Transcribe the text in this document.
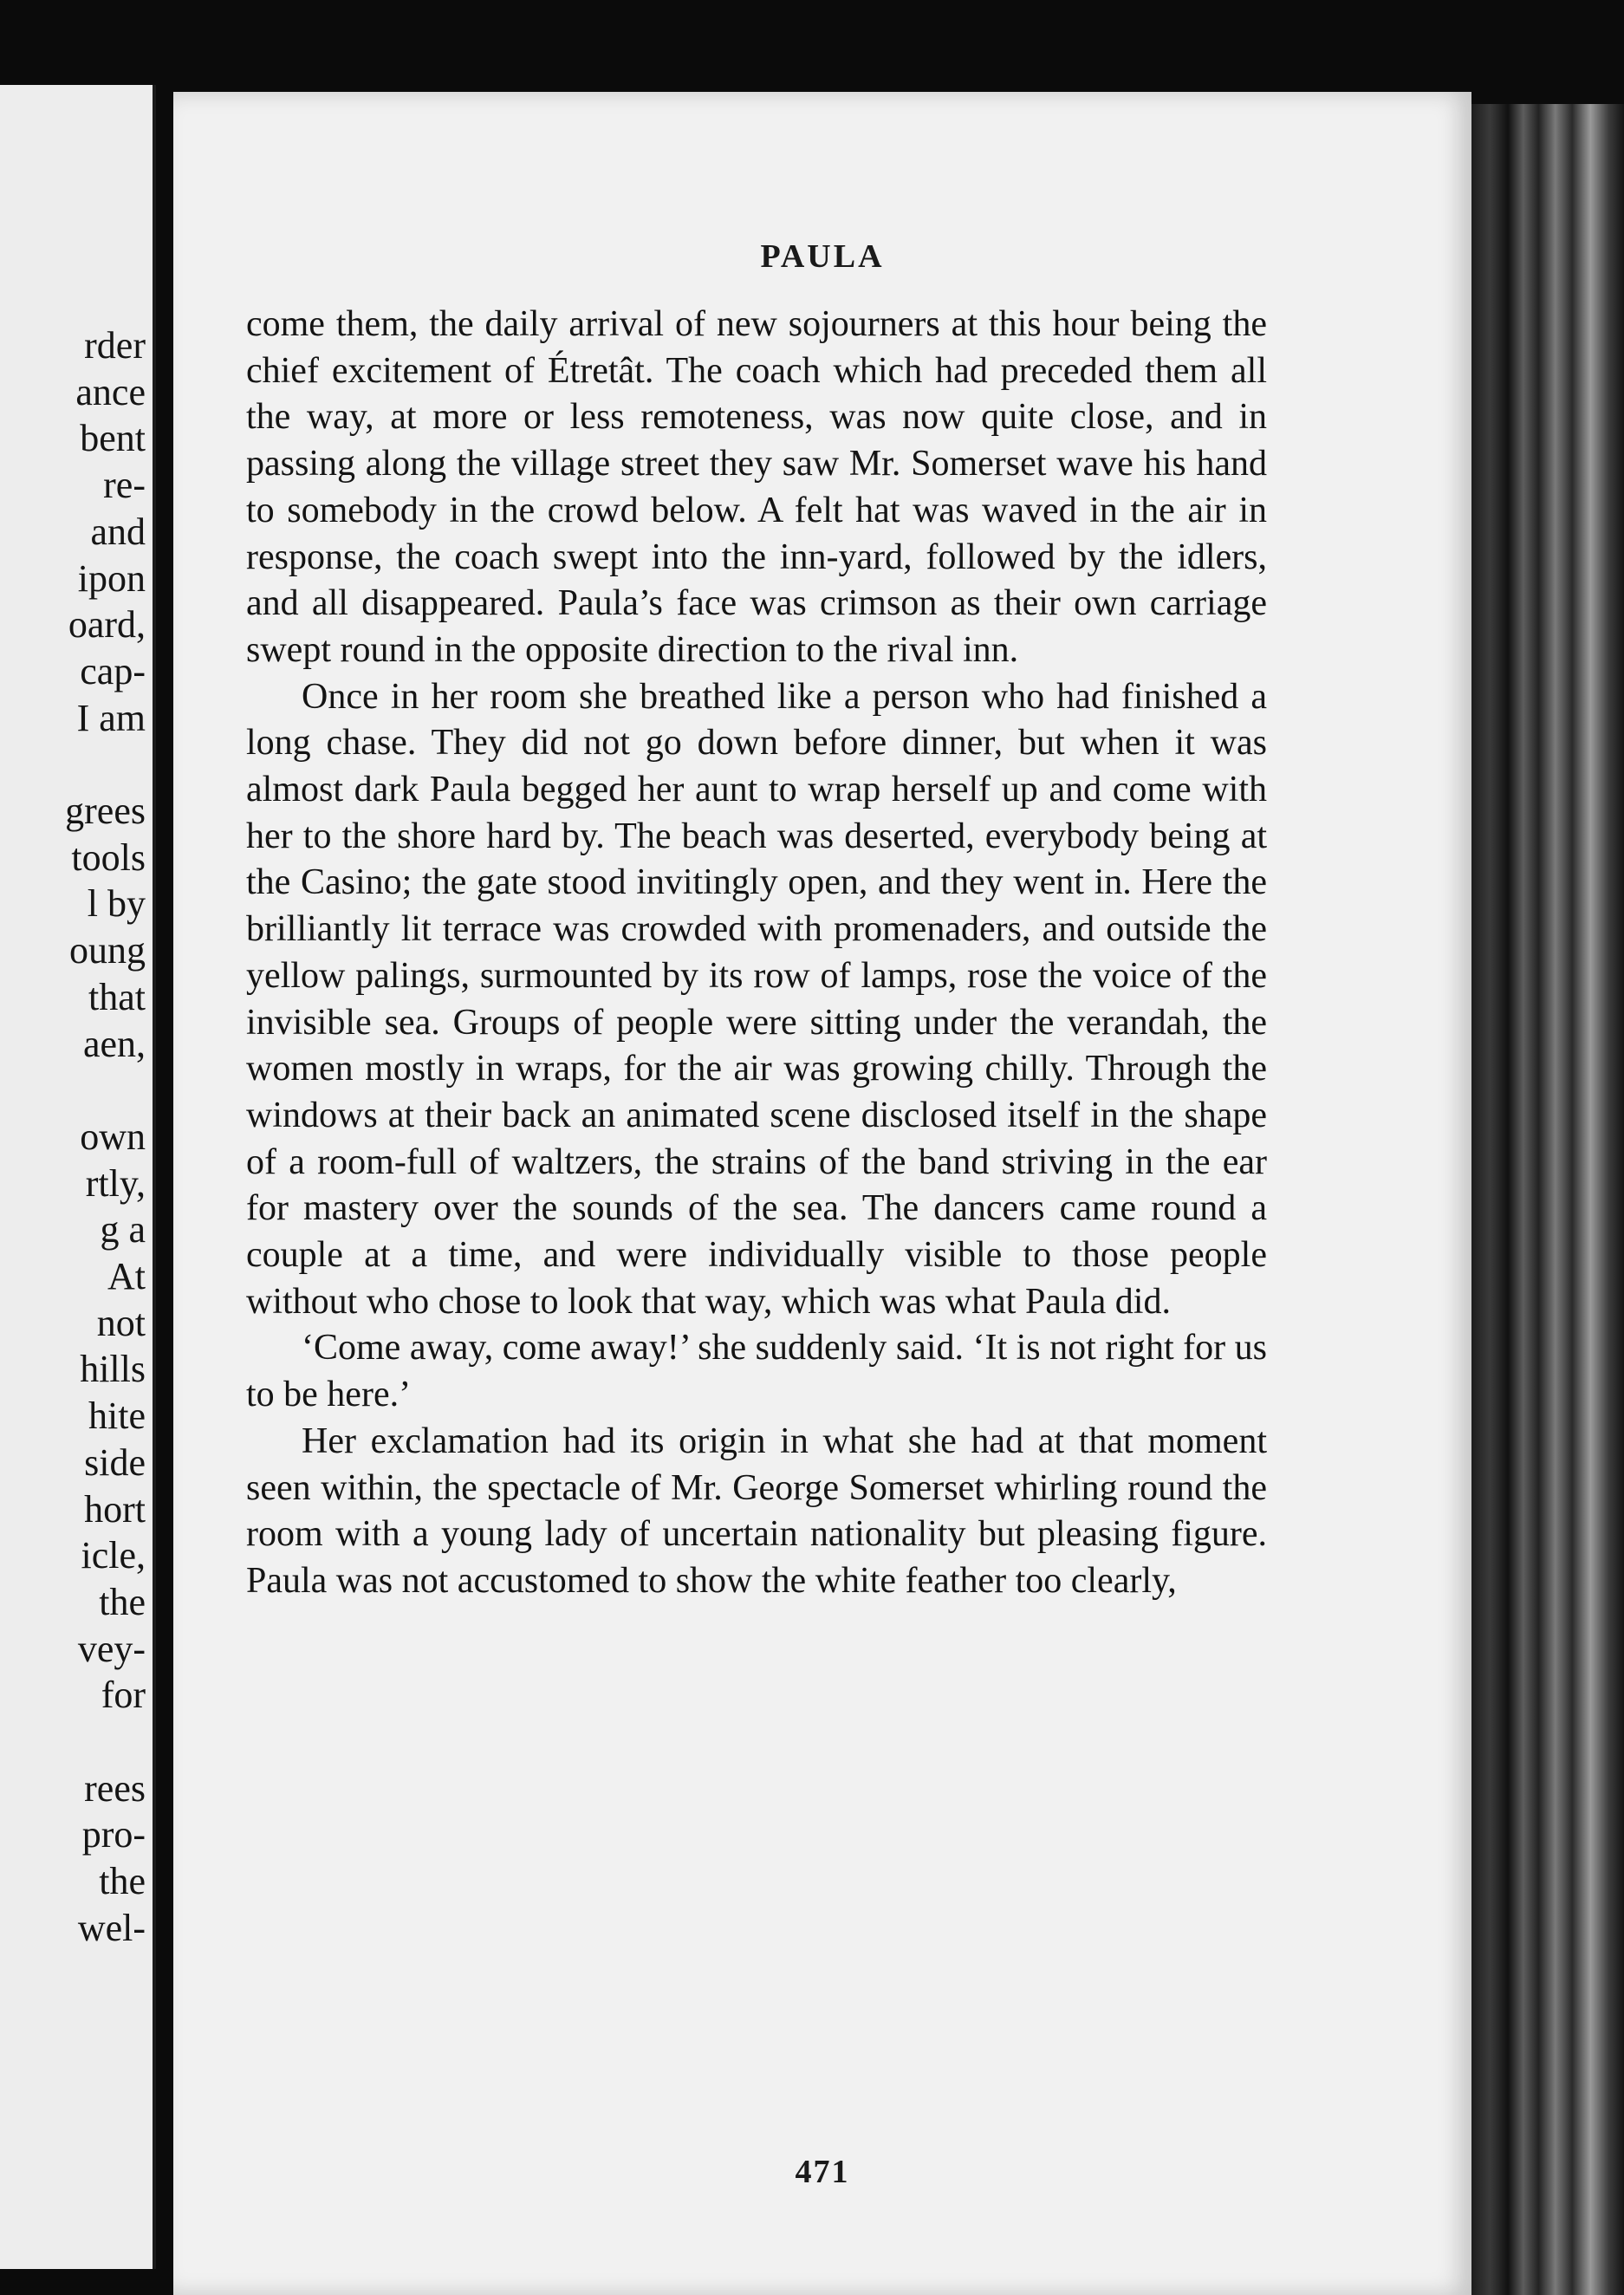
rder
ance
bent
re-
and
ipon
oard,
cap-
I am
grees
tools
l by
oung
that
aen,
own
rtly,
g a
At
not
hills
hite
side
hort
icle,
the
vey-
for
rees
pro-
the
wel-
PAULA

come them, the daily arrival of new sojourners at this hour being the chief excitement of Étretât. The coach which had preceded them all the way, at more or less remoteness, was now quite close, and in passing along the village street they saw Mr. Somerset wave his hand to somebody in the crowd below. A felt hat was waved in the air in response, the coach swept into the inn-yard, followed by the idlers, and all disappeared. Paula’s face was crimson as their own carriage swept round in the opposite direction to the rival inn.

Once in her room she breathed like a person who had finished a long chase. They did not go down before dinner, but when it was almost dark Paula begged her aunt to wrap herself up and come with her to the shore hard by. The beach was deserted, everybody being at the Casino; the gate stood invitingly open, and they went in. Here the brilliantly lit terrace was crowded with promenaders, and outside the yellow palings, surmounted by its row of lamps, rose the voice of the invisible sea. Groups of people were sitting under the verandah, the women mostly in wraps, for the air was growing chilly. Through the windows at their back an animated scene disclosed itself in the shape of a room-full of waltzers, the strains of the band striving in the ear for mastery over the sounds of the sea. The dancers came round a couple at a time, and were individually visible to those people without who chose to look that way, which was what Paula did.

‘Come away, come away!’ she suddenly said. ‘It is not right for us to be here.’

Her exclamation had its origin in what she had at that moment seen within, the spectacle of Mr. George Somerset whirling round the room with a young lady of uncertain nationality but pleasing figure. Paula was not accustomed to show the white feather too clearly,

471
